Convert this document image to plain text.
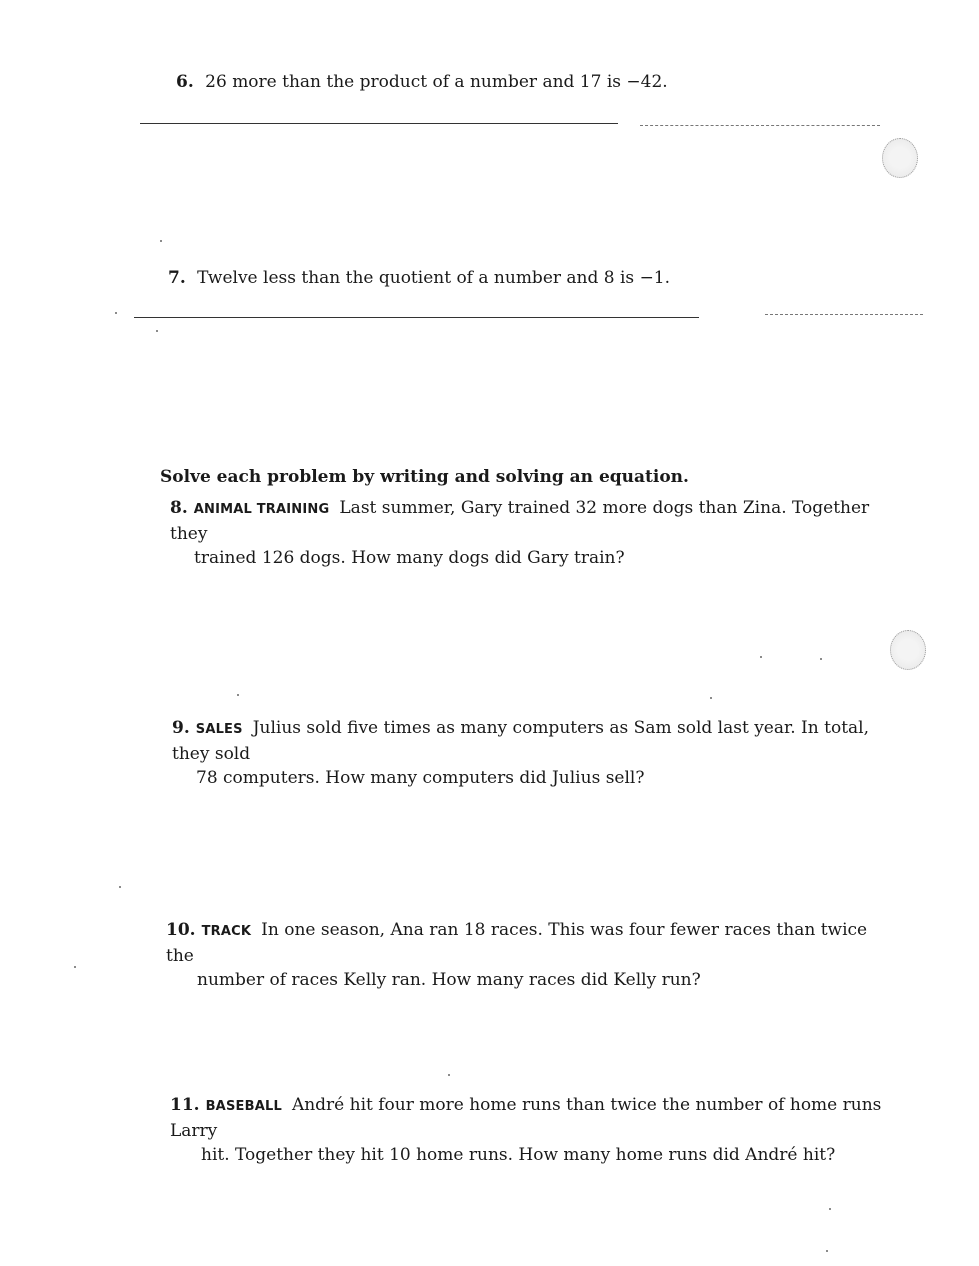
6. 26 more than the product of a number and 17 is −42.
7. Twelve less than the quotient of a number and 8 is −1.
Solve each problem by writing and solving an equation.
8. ANIMAL TRAINING Last summer, Gary trained 32 more dogs than Zina. Together they
trained 126 dogs. How many dogs did Gary train?
9. SALES Julius sold five times as many computers as Sam sold last year. In total, they sold
78 computers. How many computers did Julius sell?
10. TRACK In one season, Ana ran 18 races. This was four fewer races than twice the
number of races Kelly ran. How many races did Kelly run?
11. BASEBALL André hit four more home runs than twice the number of home runs Larry
hit. Together they hit 10 home runs. How many home runs did André hit?
